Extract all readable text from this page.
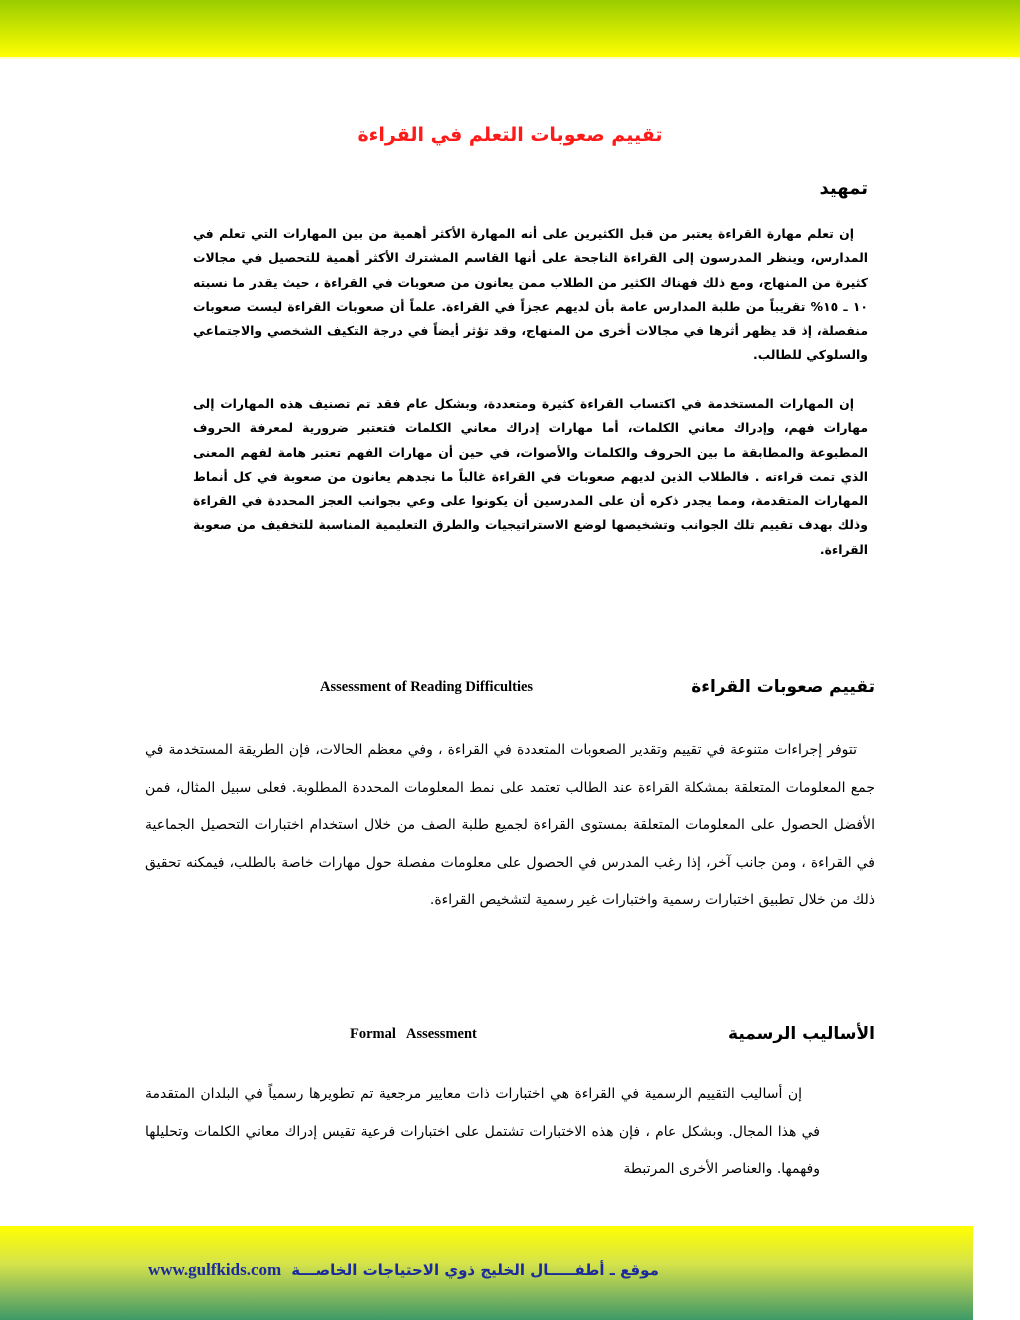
تقييم صعوبات التعلم في القراءة
تمهيد

إن تعلم مهارة القراءة يعتبر من قبل الكثيرين على أنه المهارة الأكثر أهمية من بين المهارات التي تعلم في المدارس، وينظر المدرسون إلى القراءة الناجحة على أنها القاسم المشترك الأكثر أهمية للتحصيل في مجالات كثيرة من المنهاج، ومع ذلك فهناك الكثير من الطلاب ممن يعانون من صعوبات في القراءة ، حيث يقدر ما نسبته ١٠ ـ ١٥% تقريباً من طلبة المدارس عامة بأن لديهم عجزاً في القراءة. علماً أن صعوبات القراءة ليست صعوبات منفصلة، إذ قد يظهر أثرها في مجالات أخرى من المنهاج، وقد تؤثر أيضاً في درجة التكيف الشخصي والاجتماعي والسلوكي للطالب.

إن المهارات المستخدمة في اكتساب القراءة كثيرة ومتعددة، وبشكل عام فقد تم تصنيف هذه المهارات إلى مهارات فهم، وإدراك معاني الكلمات، أما مهارات إدراك معاني الكلمات فتعتبر ضرورية لمعرفة الحروف المطبوعة والمطابقة ما بين الحروف والكلمات والأصوات، في حين أن مهارات الفهم تعتبر هامة لفهم المعنى الذي تمت قراءته . فالطلاب الذين لديهم صعوبات في القراءة غالباً ما نجدهم يعانون من صعوبة في كل أنماط المهارات المتقدمة، ومما يجدر ذكره أن على المدرسين أن يكونوا على وعي بجوانب العجز المحددة في القراءة وذلك بهدف تقييم تلك الجوانب وتشخيصها لوضع الاستراتيجيات والطرق التعليمية المناسبة للتخفيف من صعوبة القراءة.

تقييم صعوبات القراءة
Assessment of Reading Difficulties

تتوفر إجراءات متنوعة في تقييم وتقدير الصعوبات المتعددة في القراءة ، وفي معظم الحالات، فإن الطريقة المستخدمة في جمع المعلومات المتعلقة بمشكلة القراءة عند الطالب تعتمد على نمط المعلومات المحددة المطلوبة. فعلى سبيل المثال، فمن الأفضل الحصول على المعلومات المتعلقة بمستوى القراءة لجميع طلبة الصف من خلال استخدام اختبارات التحصيل الجماعية في القراءة ، ومن جانب آخر، إذا رغب المدرس في الحصول على معلومات مفصلة حول مهارات خاصة بالطلب، فيمكنه تحقيق ذلك من خلال تطبيق اختبارات رسمية واختبارات غير رسمية لتشخيص القراءة.

الأساليب الرسمية
Formal   Assessment

إن أساليب التقييم الرسمية في القراءة هي اختبارات ذات معايير مرجعية تم تطويرها رسمياً في البلدان المتقدمة في هذا المجال. وبشكل عام ، فإن هذه الاختبارات تشتمل على اختبارات فرعية تقيس إدراك معاني الكلمات وتحليلها وفهمها. والعناصر الأخرى المرتبطة

www.gulfkids.com موقع ـ أطفـــــال الخليج ذوي الاحتياجات الخاصـــة
